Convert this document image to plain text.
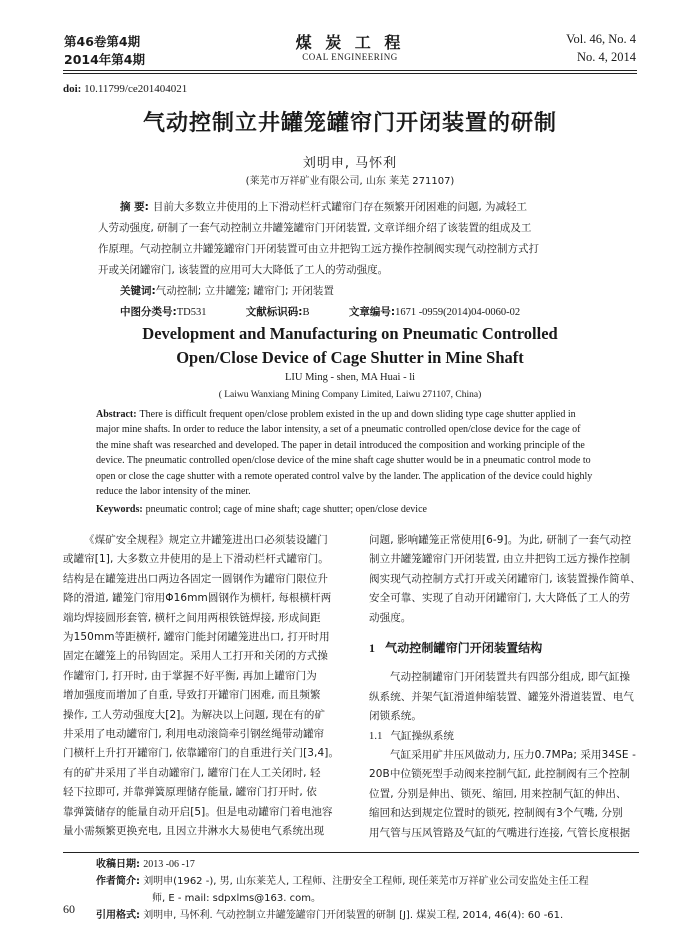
第46卷第4期
2014年第4期
煤 炭 工 程
COAL ENGINEERING
Vol. 46, No. 4
No. 4, 2014
doi: 10.11799/ce201404021
气动控制立井罐笼罐帘门开闭装置的研制
刘明申, 马怀利
(莱芜市万祥矿业有限公司, 山东 莱芜 271107)
摘 要: 目前大多数立井使用的上下滑动栏杆式罐帘门存在频繁开闭困难的问题, 为减轻工
人劳动强度, 研制了一套气动控制立井罐笼罐帘门开闭装置, 文章详细介绍了该装置的组成及工
作原理。气动控制立井罐笼罐帘门开闭装置可由立井把钩工远方操作控制阀实现气动控制方式打
开或关闭罐帘门, 该装置的应用可大大降低了工人的劳动强度。
关键词:气动控制; 立井罐笼; 罐帘门; 开闭装置
中图分类号:TD531	文献标识码:B	文章编号:1671 -0959(2014)04-0060-02
Development and Manufacturing on Pneumatic Controlled
Open/Close Device of Cage Shutter in Mine Shaft
LIU Ming - shen, MA Huai - li
( Laiwu Wanxiang Mining Company Limited, Laiwu 271107, China)
Abstract: There is difficult frequent open/close problem existed in the up and down sliding type cage shutter applied in
major mine shafts. In order to reduce the labor intensity, a set of a pneumatic controlled open/close device for the cage of
the mine shaft was researched and developed. The paper in detail introduced the composition and working principle of the
device. The pneumatic controlled open/close device of the mine shaft cage shutter would be in a pneumatic control mode to
open or close the cage shutter with a remote operated control valve by the lander. The application of the device could highly
reduce the labor intensity of the miner.
Keywords: pneumatic control; cage of mine shaft; cage shutter; open/close device
《煤矿安全规程》规定立井罐笼进出口必须装设罐门
或罐帘[1], 大多数立井使用的是上下滑动栏杆式罐帘门。
结构是在罐笼进出口两边各固定一圆钢作为罐帘门限位升
降的滑道, 罐笼门帘用Φ16mm圆钢作为横杆, 每根横杆两
端均焊接圆形套管, 横杆之间用两根铁链焊接, 形成间距
为150mm等距横杆, 罐帘门能封闭罐笼进出口, 打开时用
固定在罐笼上的吊钩固定。采用人工打开和关闭的方式操
作罐帘门, 打开时, 由于掌握不好平衡, 再加上罐帘门为
增加强度而增加了自重, 导致打开罐帘门困难, 而且频繁
操作, 工人劳动强度大[2]。为解决以上问题, 现在有的矿
井采用了电动罐帘门, 利用电动滚筒牵引钢丝绳带动罐帘
门横杆上升打开罐帘门, 依靠罐帘门的自重进行关门[3,4]。
有的矿井采用了半自动罐帘门, 罐帘门在人工关闭时, 轻
轻下拉即可, 并靠弹簧原理储存能量, 罐帘门打开时, 依
靠弹簧储存的能量自动开启[5]。但是电动罐帘门着电池容
量小需频繁更换充电, 且因立井淋水大易使电气系统出现
问题, 影响罐笼正常使用[6-9]。为此, 研制了一套气动控
制立井罐笼罐帘门开闭装置, 由立井把钩工远方操作控制
阀实现气动控制方式打开或关闭罐帘门, 该装置操作简单、
安全可靠、实现了自动开闭罐帘门, 大大降低了工人的劳
动强度。
1 气动控制罐帘门开闭装置结构
气动控制罐帘门开闭装置共有四部分组成, 即气缸操
纵系统、并架气缸滑道伸缩装置、罐笼外滑道装置、电气
闭锁系统。
1.1 气缸操纵系统
气缸采用矿井压风做动力, 压力0.7MPa; 采用34SE -
20B中位锁死型手动阀来控制气缸, 此控制阀有三个控制
位置, 分别是伸出、锁死、缩回, 用来控制气缸的伸出、
缩回和达到规定位置时的锁死, 控制阀有3个气嘴, 分别
用气管与压风管路及气缸的气嘴进行连接, 气管长度根据
收稿日期: 2013 -06 -17
作者简介: 刘明申(1962 -), 男, 山东莱芜人, 工程师、注册安全工程师, 现任莱芜市万祥矿业公司安监处主任工程
师, E - mail: sdpxlms@163. com。
引用格式: 刘明申, 马怀利. 气动控制立井罐笼罐帘门开闭装置的研制 [J]. 煤炭工程, 2014, 46(4): 60 -61.
60
